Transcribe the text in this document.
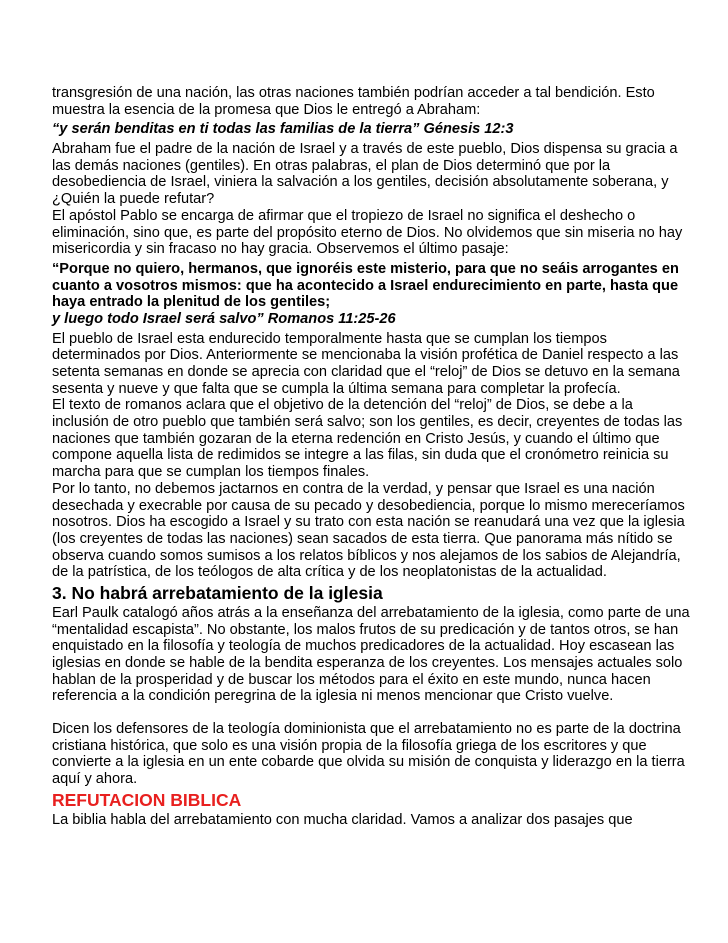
transgresión de una nación, las otras naciones también podrían acceder a tal bendición. Esto

muestra la esencia de la promesa que Dios le entregó a Abraham:

“y serán benditas en ti todas las familias de la tierra” Génesis 12:3

Abraham fue el padre de la nación de Israel y a través de este pueblo, Dios dispensa su gracia a

las demás naciones (gentiles). En otras palabras, el plan de Dios determinó que por la

desobediencia de Israel, viniera la salvación a los gentiles, decisión absolutamente soberana, y

¿Quién la puede refutar?

El apóstol Pablo se encarga de afirmar que el tropiezo de Israel no significa el deshecho o

eliminación, sino que, es parte del propósito eterno de Dios. No olvidemos que sin miseria no hay

misericordia y sin fracaso no hay gracia. Observemos el último pasaje:

“Porque no quiero, hermanos, que ignoréis este misterio, para que no seáis arrogantes en

cuanto a vosotros mismos: que ha acontecido a Israel endurecimiento en parte, hasta que

haya entrado la plenitud de los gentiles;

y luego todo Israel será salvo” Romanos 11:25-26

El pueblo de Israel esta endurecido temporalmente hasta que se cumplan los tiempos

determinados por Dios. Anteriormente se mencionaba la visión profética de Daniel respecto a las

setenta semanas en donde se aprecia con claridad que el “reloj” de Dios se detuvo en la semana

sesenta y nueve y que falta que se cumpla la última semana para completar la profecía.

El texto de romanos aclara que el objetivo de la detención del “reloj” de Dios, se debe a la

inclusión de otro pueblo que también será salvo; son los gentiles, es decir, creyentes de todas las

naciones que también gozaran de la eterna redención en Cristo Jesús, y cuando el último que

compone aquella lista de redimidos se integre a las filas, sin duda que el cronómetro reinicia su

marcha para que se cumplan los tiempos finales.

Por lo tanto, no debemos jactarnos en contra de la verdad, y pensar que Israel es una nación

desechada y execrable por causa de su pecado y desobediencia, porque lo mismo mereceríamos

nosotros. Dios ha escogido a Israel y su trato con esta nación se reanudará una vez que la iglesia

(los creyentes de todas las naciones) sean sacados de esta tierra. Que panorama más nítido se

observa cuando somos sumisos a los relatos bíblicos y nos alejamos de los sabios de Alejandría,

de la patrística, de los teólogos de alta crítica y de los neoplatonistas de la actualidad.

3. No habrá arrebatamiento de la iglesia

Earl Paulk catalogó años atrás a la enseñanza del arrebatamiento de la iglesia, como parte de una

“mentalidad escapista”. No obstante, los malos frutos de su predicación y de tantos otros, se han

enquistado en la filosofía y teología de muchos predicadores de la actualidad. Hoy escasean las

iglesias en donde se hable de la bendita esperanza de los creyentes. Los mensajes actuales solo

hablan de la prosperidad y de buscar los métodos para el éxito en este mundo, nunca hacen

referencia a la condición peregrina de la iglesia ni menos mencionar que Cristo vuelve.

Dicen los defensores de la teología dominionista que el arrebatamiento no es parte de la doctrina

cristiana histórica, que solo es una visión propia de la filosofía griega de los escritores y que

convierte a la iglesia en un ente cobarde que olvida su misión de conquista y liderazgo en la tierra

aquí y ahora.

REFUTACION BIBLICA

La biblia habla del arrebatamiento con mucha claridad. Vamos a analizar dos pasajes que
